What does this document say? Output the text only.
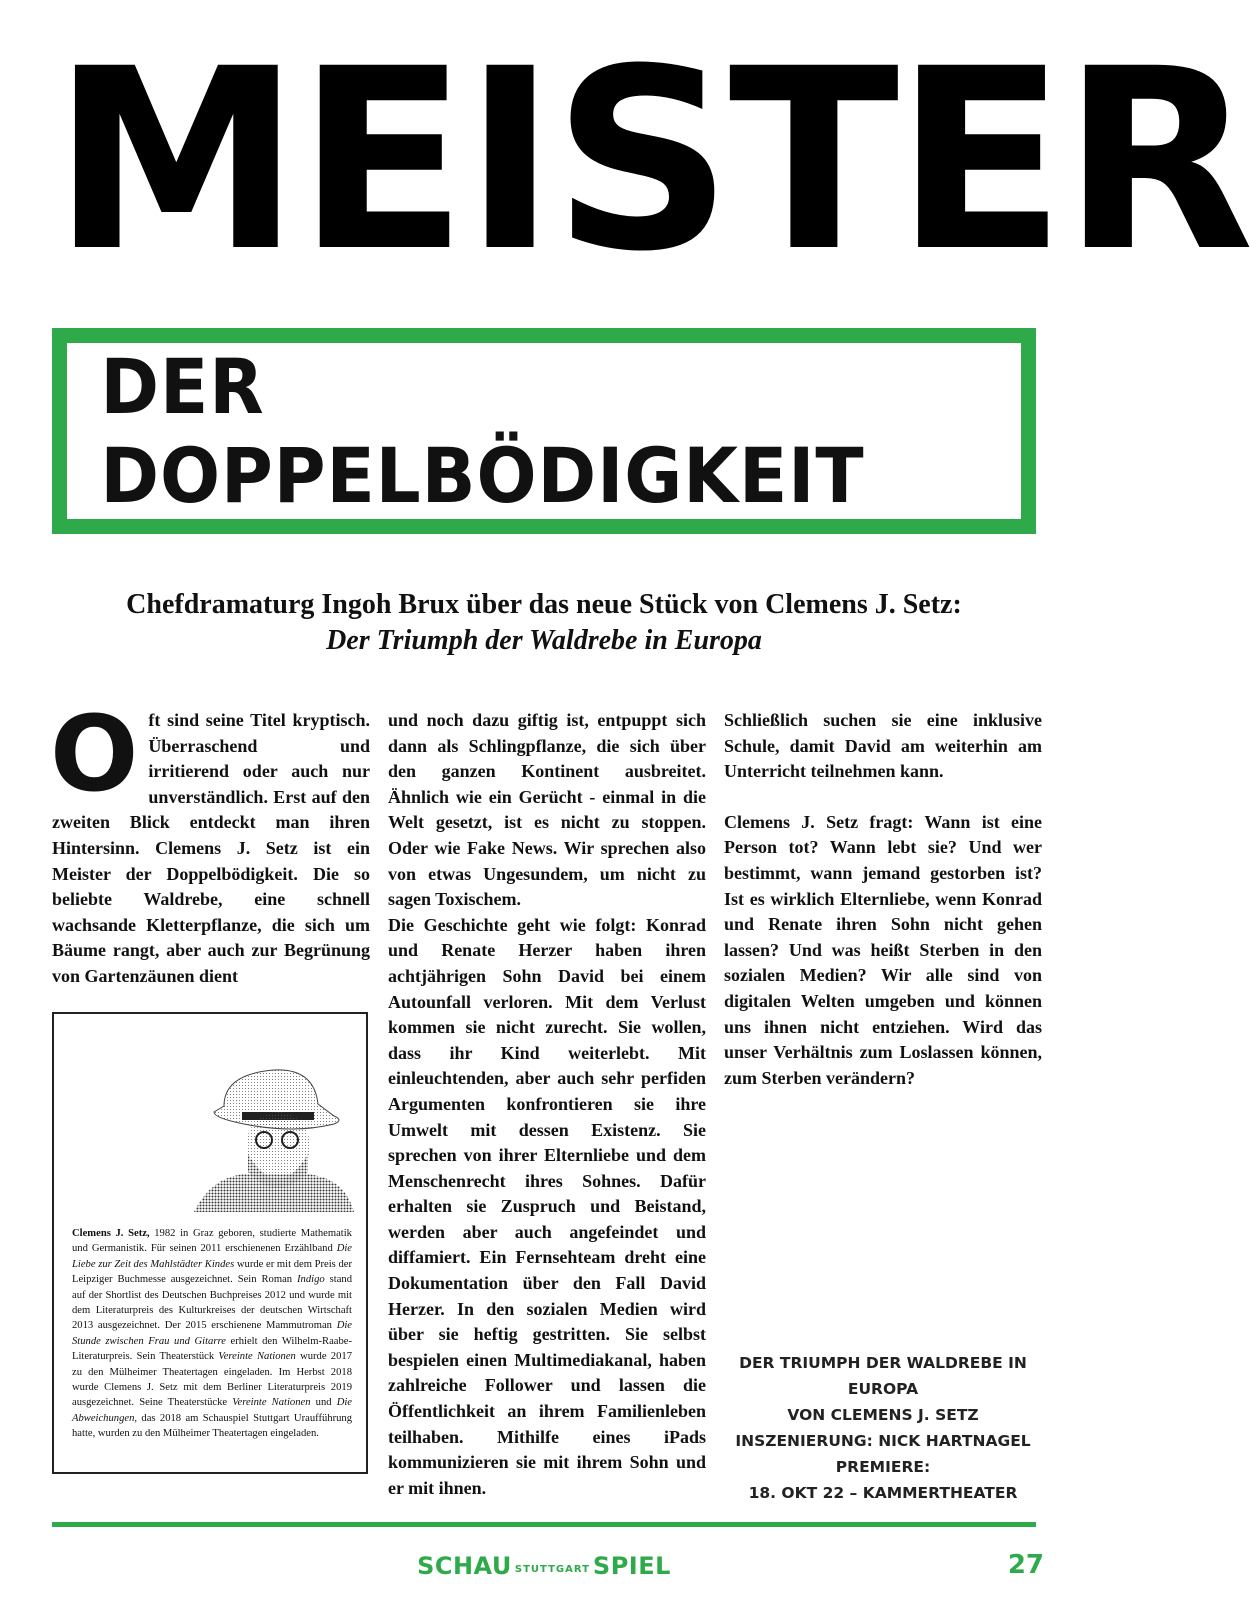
MEISTER
DER DOPPELBÖDIGKEIT
Chefdramaturg Ingoh Brux über das neue Stück von Clemens J. Setz:
Der Triumph der Waldrebe in Europa

Oft sind seine Titel kryptisch. Überraschend und irritierend oder auch nur unverständlich. Erst auf den zweiten Blick entdeckt man ihren Hintersinn. Clemens J. Setz ist ein Meister der Doppelbödigkeit. Die so beliebte Waldrebe, eine schnell wachsande Kletterpflanze, die sich um Bäume rangt, aber auch zur Begrünung von Gartenzäunen dient

und noch dazu giftig ist, entpuppt sich dann als Schlingpflanze, die sich über den ganzen Kontinent ausbreitet. Ähnlich wie ein Gerücht - einmal in die Welt gesetzt, ist es nicht zu stoppen. Oder wie Fake News. Wir sprechen also von etwas Ungesundem, um nicht zu sagen Toxischem.

Die Geschichte geht wie folgt: Konrad und Renate Herzer haben ihren achtjährigen Sohn David bei einem Autounfall verloren. Mit dem Verlust kommen sie nicht zurecht. Sie wollen, dass ihr Kind weiterlebt. Mit einleuchtenden, aber auch sehr perfiden Argumenten konfrontieren sie ihre Umwelt mit dessen Existenz. Sie sprechen von ihrer Elternliebe und dem Menschenrecht ihres Sohnes. Dafür erhalten sie Zuspruch und Beistand, werden aber auch angefeindet und diffamiert. Ein Fernsehteam dreht eine Dokumentation über den Fall David Herzer. In den sozialen Medien wird über sie heftig gestritten. Sie selbst bespielen einen Multimediakanal, haben zahlreiche Follower und lassen die Öffentlichkeit an ihrem Familienleben teilhaben. Mithilfe eines iPads kommunizieren sie mit ihrem Sohn und er mit ihnen.

Schließlich suchen sie eine inklusive Schule, damit David am weiterhin am Unterricht teilnehmen kann.

Clemens J. Setz fragt: Wann ist eine Person tot? Wann lebt sie? Und wer bestimmt, wann jemand gestorben ist? Ist es wirklich Elternliebe, wenn Konrad und Renate ihren Sohn nicht gehen lassen? Und was heißt Sterben in den sozialen Medien? Wir alle sind von digitalen Welten umgeben und können uns ihnen nicht entziehen. Wird das unser Verhältnis zum Loslassen können, zum Sterben verändern?

Clemens J. Setz, 1982 in Graz geboren, studierte Mathematik und Germanistik. Für seinen 2011 erschienenen Erzählband Die Liebe zur Zeit des Mahlstädter Kindes wurde er mit dem Preis der Leipziger Buchmesse ausgezeichnet. Sein Roman Indigo stand auf der Shortlist des Deutschen Buchpreises 2012 und wurde mit dem Literaturpreis des Kulturkreises der deutschen Wirtschaft 2013 ausgezeichnet. Der 2015 erschienene Mammutroman Die Stunde zwischen Frau und Gitarre erhielt den Wilhelm-Raabe-Literaturpreis. Sein Theaterstück Vereinte Nationen wurde 2017 zu den Mülheimer Theatertagen eingeladen. Im Herbst 2018 wurde Clemens J. Setz mit dem Berliner Literaturpreis 2019 ausgezeichnet. Seine Theaterstücke Vereinte Nationen und Die Abweichungen, das 2018 am Schauspiel Stuttgart Uraufführung hatte, wurden zu den Mülheimer Theatertagen eingeladen.
DER TRIUMPH DER WALDREBE IN EUROPA
VON CLEMENS J. SETZ
INSZENIERUNG: NICK HARTNAGEL
PREMIERE:
18. OKT 22 – KAMMERTHEATER
SCHAU STUTTGART SPIEL	27
